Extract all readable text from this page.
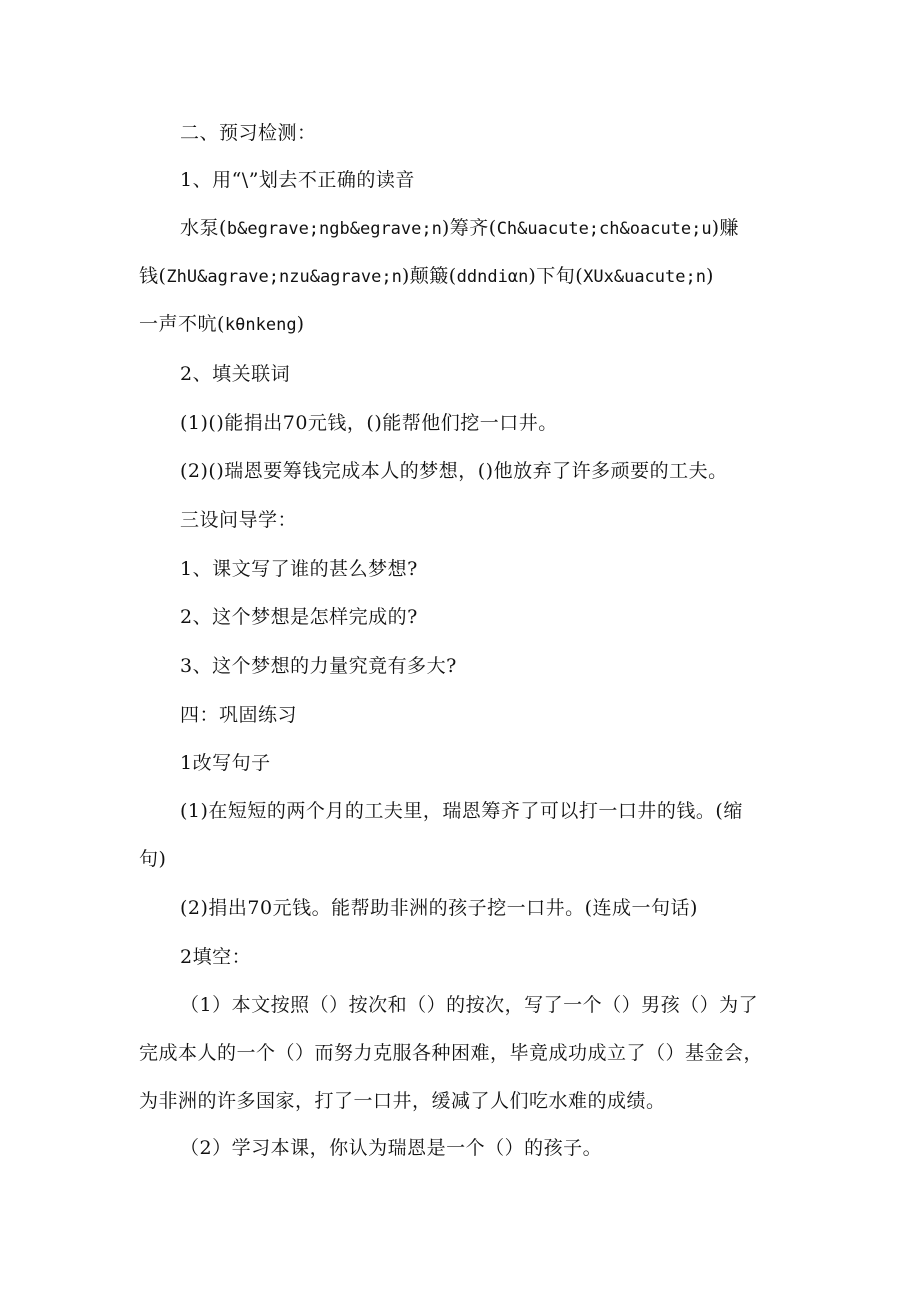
二、预习检测：
1、用“\”划去不正确的读音
水泵(b&egrave;ngb&egrave;n)筹齐(Ch&uacute;ch&oacute;u)赚
钱(ZhU&agrave;nzu&agrave;n)颠簸(ddndiαn)下旬(XUx&uacute;n)
一声不吭(kθnkeng)
2、填关联词
(1)()能捐出70元钱，()能帮他们挖一口井。
(2)()瑞恩要筹钱完成本人的梦想，()他放弃了许多顽要的工夫。
三设问导学：
1、课文写了谁的甚么梦想?
2、这个梦想是怎样完成的?
3、这个梦想的力量究竟有多大?
四：巩固练习
1改写句子
(1)在短短的两个月的工夫里，瑞恩筹齐了可以打一口井的钱。(缩
句)
(2)捐出70元钱。能帮助非洲的孩子挖一口井。(连成一句话)
2填空：
（1）本文按照（）按次和（）的按次，写了一个（）男孩（）为了
完成本人的一个（）而努力克服各种困难，毕竟成功成立了（）基金会，
为非洲的许多国家，打了一口井，缓减了人们吃水难的成绩。
（2）学习本课，你认为瑞恩是一个（）的孩子。
